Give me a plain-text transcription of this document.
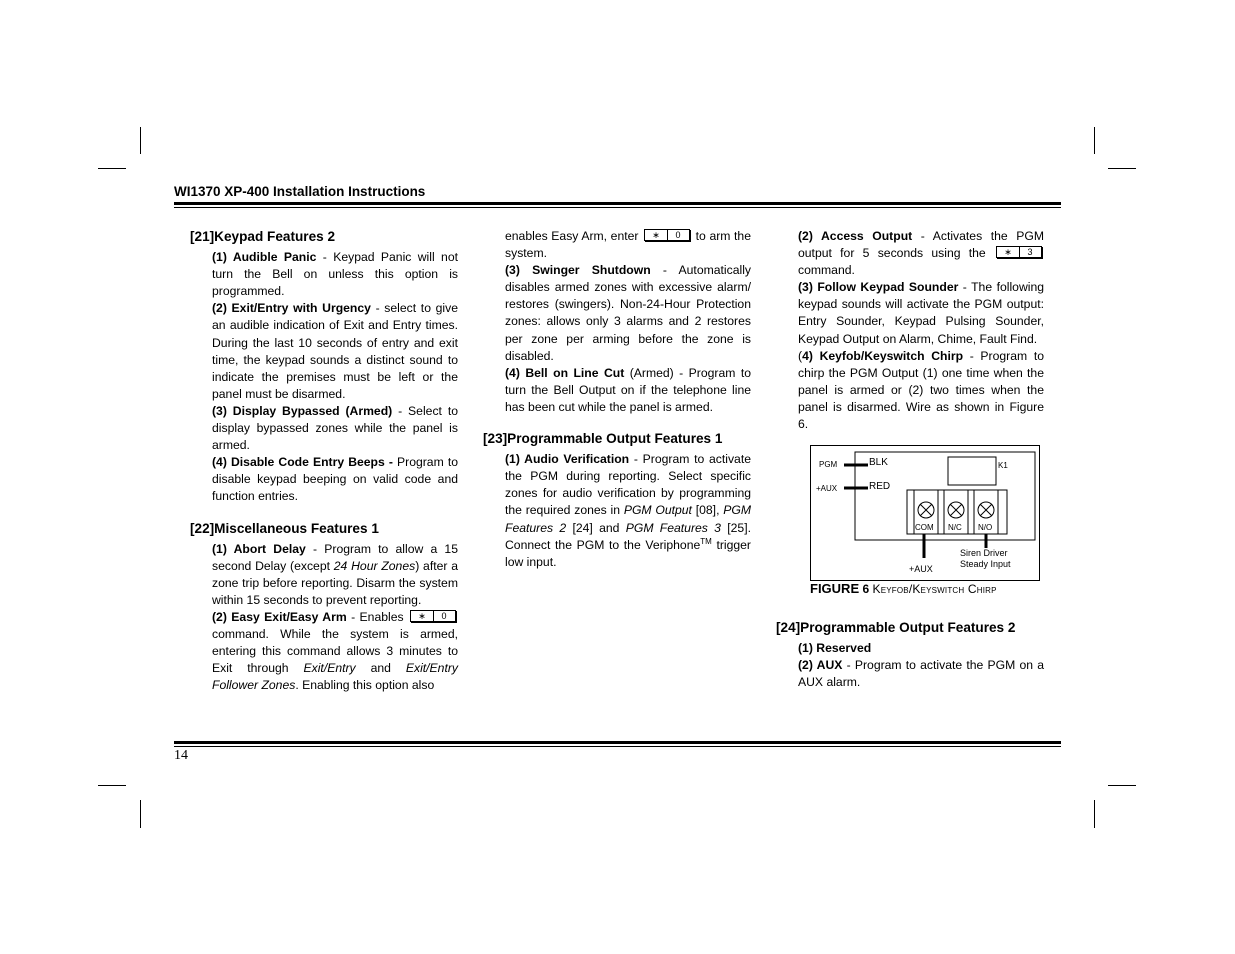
WI1370 XP-400 Installation Instructions
[21]Keypad Features 2

(1) Audible Panic - Keypad Panic will not turn the Bell on unless this option is programmed.

(2) Exit/Entry with Urgency - select to give an audible indication of Exit and Entry times. During the last 10 seconds of entry and exit time, the keypad sounds a distinct sound to indicate the premises must be left or the panel must be disarmed.

(3) Display Bypassed (Armed) - Select to display bypassed zones while the panel is armed.

(4) Disable Code Entry Beeps - Program to disable keypad beeping on valid code and function entries.

[22]Miscellaneous Features 1

(1) Abort Delay - Program to allow a 15 second Delay (except 24 Hour Zones) after a zone trip before reporting. Disarm the system within 15 seconds to prevent reporting.

(2) Easy Exit/Easy Arm - Enables	∗	0
command. While the system is armed, entering this command allows 3 minutes to Exit through Exit/Entry and Exit/Entry Follower Zones. Enabling this option also

enables Easy Arm, enter	∗	0 to arm the system.

(3) Swinger Shutdown - Automatically disables armed zones with excessive alarm/ restores (swingers). Non-24-Hour Protection zones: allows only 3 alarms and 2 restores per zone per arming before the zone is disabled.

(4) Bell on Line Cut (Armed) - Program to turn the Bell Output on if the telephone line has been cut while the panel is armed.

[23]Programmable Output Features 1

(1) Audio Verification - Program to activate the PGM during reporting. Select specific zones for audio verification by programming the required zones in PGM Output [08], PGM Features 2 [24] and PGM Features 3 [25]. Connect the PGM to the Veriphone™ trigger low input.

(2) Access Output - Activates the PGM output for 5 seconds using the	∗	3
command.

(3) Follow Keypad Sounder - The following keypad sounds will activate the PGM output: Entry Sounder, Keypad Pulsing Sounder, Keypad Output on Alarm, Chime, Fault Find.

(4) Keyfob/Keyswitch Chirp - Program to chirp the PGM Output (1) one time when the panel is armed or (2) two times when the panel is disarmed. Wire as shown in Figure 6.

PGM
+AUX
BLK
RED
K1
COM N/C N/O
+AUX
Siren Driver
Steady Input
FIGURE 6 Keyfob/Keyswitch Chirp
[24]Programmable Output Features 2

(1) Reserved

(2) AUX - Program to activate the PGM on a AUX alarm.

14
